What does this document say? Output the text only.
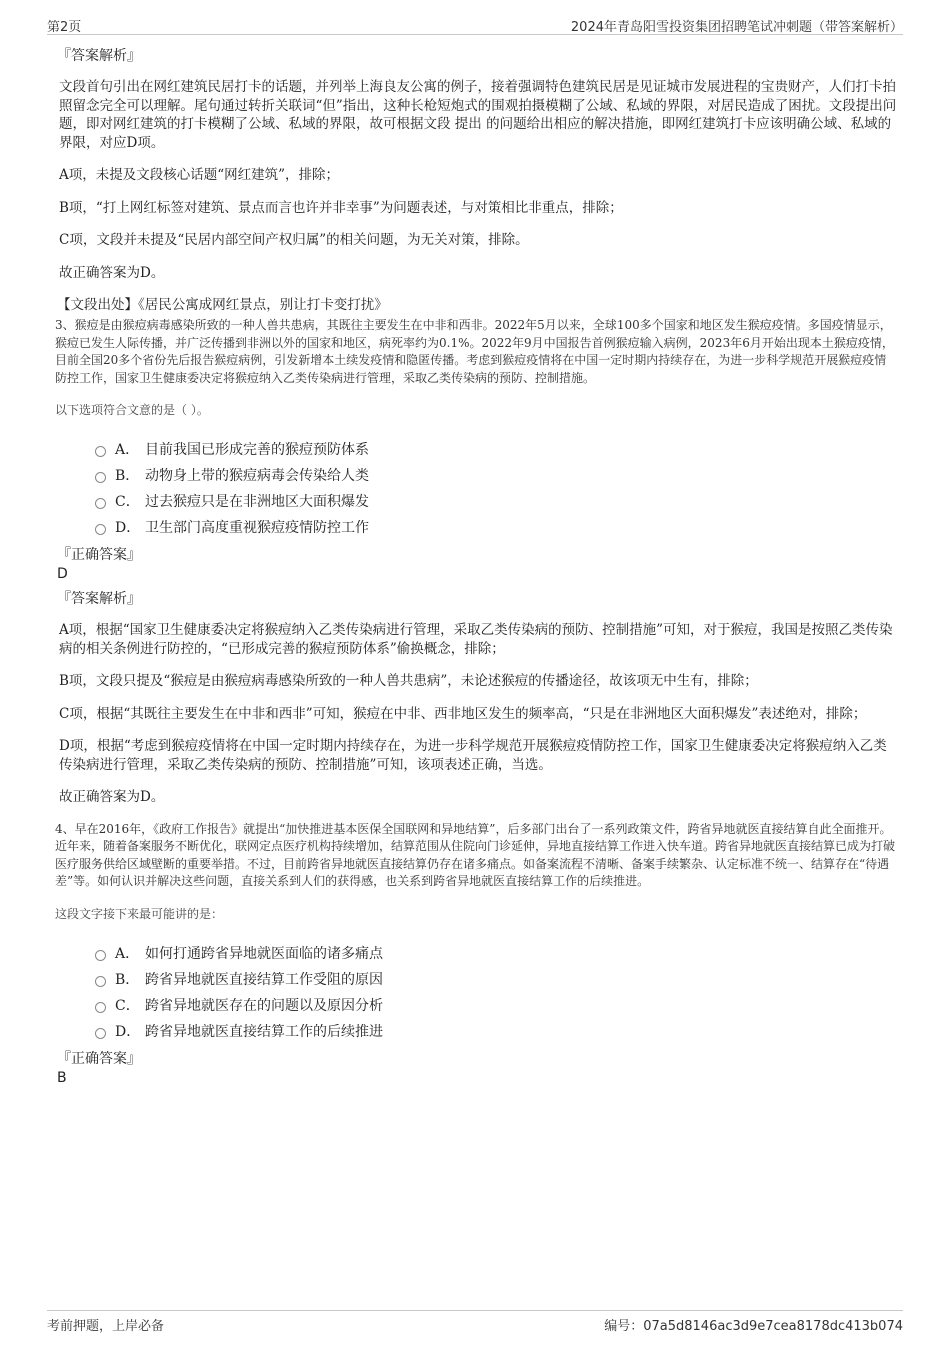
第2页	2024年青岛阳雪投资集团招聘笔试冲刺题（带答案解析）
『答案解析』

文段首句引出在网红建筑民居打卡的话题，并列举上海良友公寓的例子，接着强调特色建筑民居是见证城市发展进程的宝贵财产，人们打卡拍照留念完全可以理解。尾句通过转折关联词“但”指出，这种长枪短炮式的围观拍摄模糊了公域、私域的界限，对居民造成了困扰。文段提出问题，即对网红建筑的打卡模糊了公域、私域的界限，故可根据文段 提出 的问题给出相应的解决措施，即网红建筑打卡应该明确公域、私域的界限，对应D项。

A项，未提及文段核心话题“网红建筑”，排除；

B项，“打上网红标签对建筑、景点而言也许并非幸事”为问题表述，与对策相比非重点，排除；

C项，文段并未提及“民居内部空间产权归属”的相关问题，为无关对策，排除。

故正确答案为D。

【文段出处】《居民公寓成网红景点，别让打卡变打扰》

3、猴痘是由猴痘病毒感染所致的一种人兽共患病，其既往主要发生在中非和西非。2022年5月以来，全球100多个国家和地区发生猴痘疫情。多国疫情显示，猴痘已发生人际传播，并广泛传播到非洲以外的国家和地区，病死率约为0.1%。2022年9月中国报告首例猴痘输入病例，2023年6月开始出现本土猴痘疫情，目前全国20多个省份先后报告猴痘病例，引发新增本土续发疫情和隐匿传播。考虑到猴痘疫情将在中国一定时期内持续存在，为进一步科学规范开展猴痘疫情防控工作，国家卫生健康委决定将猴痘纳入乙类传染病进行管理，采取乙类传染病的预防、控制措施。

以下选项符合文意的是（ ）。

A． 目前我国已形成完善的猴痘预防体系
B． 动物身上带的猴痘病毒会传染给人类
C． 过去猴痘只是在非洲地区大面积爆发
D． 卫生部门高度重视猴痘疫情防控工作
『正确答案』
D
『答案解析』

A项，根据“国家卫生健康委决定将猴痘纳入乙类传染病进行管理，采取乙类传染病的预防、控制措施”可知，对于猴痘，我国是按照乙类传染病的相关条例进行防控的，“已形成完善的猴痘预防体系”偷换概念，排除；

B项，文段只提及“猴痘是由猴痘病毒感染所致的一种人兽共患病”，未论述猴痘的传播途径，故该项无中生有，排除；

C项，根据“其既往主要发生在中非和西非”可知，猴痘在中非、西非地区发生的频率高，“只是在非洲地区大面积爆发”表述绝对，排除；

D项，根据“考虑到猴痘疫情将在中国一定时期内持续存在，为进一步科学规范开展猴痘疫情防控工作，国家卫生健康委决定将猴痘纳入乙类传染病进行管理，采取乙类传染病的预防、控制措施”可知，该项表述正确，当选。

故正确答案为D。

4、早在2016年，《政府工作报告》就提出“加快推进基本医保全国联网和异地结算”，后多部门出台了一系列政策文件，跨省异地就医直接结算自此全面推开。近年来，随着备案服务不断优化，联网定点医疗机构持续增加，结算范围从住院向门诊延伸，异地直接结算工作进入快车道。跨省异地就医直接结算已成为打破医疗服务供给区域壁断的重要举措。不过，目前跨省异地就医直接结算仍存在诸多痛点。如备案流程不清晰、备案手续繁杂、认定标准不统一、结算存在“待遇差”等。如何认识并解决这些问题，直接关系到人们的获得感，也关系到跨省异地就医直接结算工作的后续推进。

这段文字接下来最可能讲的是：

A． 如何打通跨省异地就医面临的诸多痛点
B． 跨省异地就医直接结算工作受阻的原因
C． 跨省异地就医存在的问题以及原因分析
D． 跨省异地就医直接结算工作的后续推进
『正确答案』
B
考前押题，上岸必备	编号：07a5d8146ac3d9e7cea8178dc413b074
